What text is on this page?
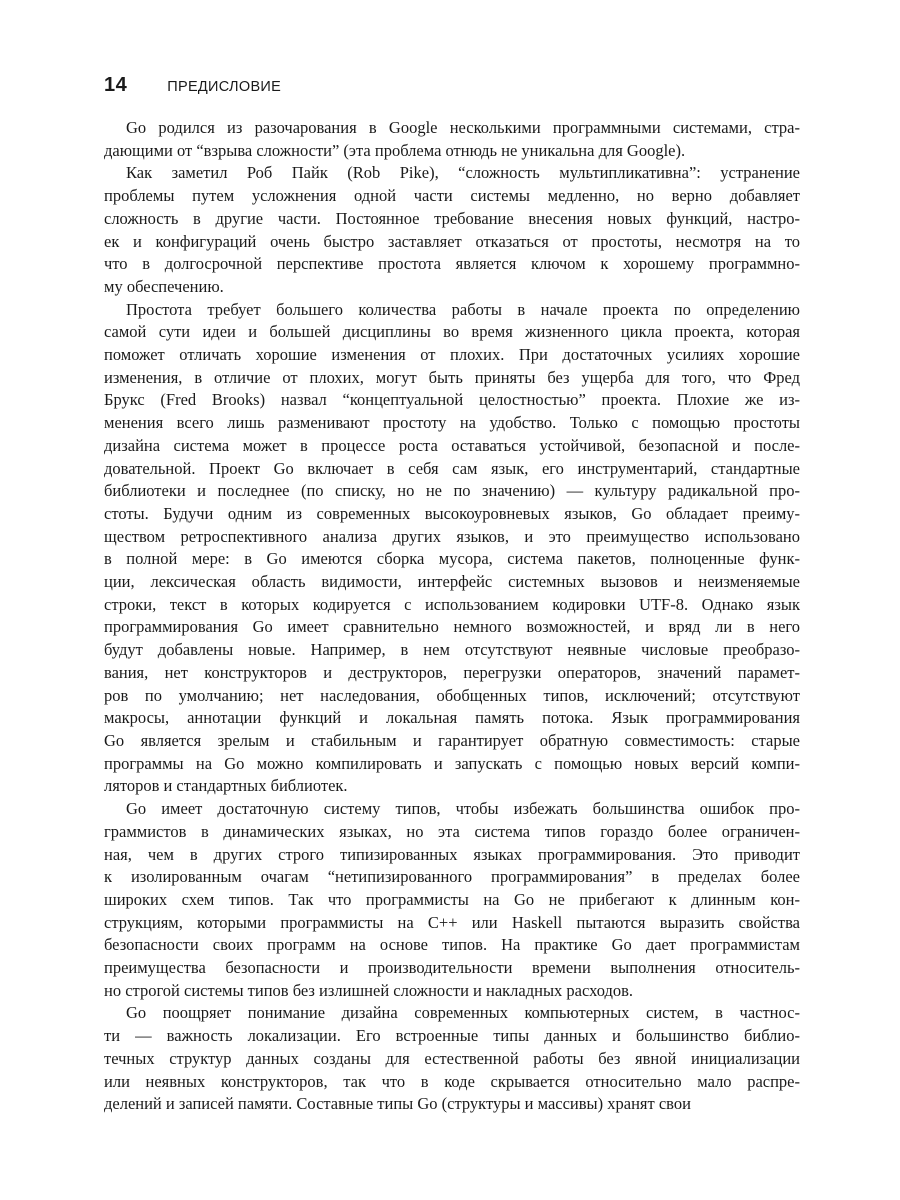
14	ПРЕДИСЛОВИЕ
Go родился из разочарования в Google несколькими программными системами, стра-
дающими от “взрыва сложности” (эта проблема отнюдь не уникальна для Google).
Как заметил Роб Пайк (Rob Pike), “сложность мультипликативна”: устранение
проблемы путем усложнения одной части системы медленно, но верно добавляет
сложность в другие части. Постоянное требование внесения новых функций, настро-
ек и конфигураций очень быстро заставляет отказаться от простоты, несмотря на то
что в долгосрочной перспективе простота является ключом к хорошему программно-
му обеспечению.
Простота требует большего количества работы в начале проекта по определению
самой сути идеи и большей дисциплины во время жизненного цикла проекта, которая
поможет отличать хорошие изменения от плохих. При достаточных усилиях хорошие
изменения, в отличие от плохих, могут быть приняты без ущерба для того, что Фред
Брукс (Fred Brooks) назвал “концептуальной целостностью” проекта. Плохие же из-
менения всего лишь разменивают простоту на удобство. Только с помощью простоты
дизайна система может в процессе роста оставаться устойчивой, безопасной и после-
довательной. Проект Go включает в себя сам язык, его инструментарий, стандартные
библиотеки и последнее (по списку, но не по значению) — культуру радикальной про-
стоты. Будучи одним из современных высокоуровневых языков, Go обладает преиму-
ществом ретроспективного анализа других языков, и это преимущество использовано
в полной мере: в Go имеются сборка мусора, система пакетов, полноценные функ-
ции, лексическая область видимости, интерфейс системных вызовов и неизменяемые
строки, текст в которых кодируется с использованием кодировки UTF-8. Однако язык
программирования Go имеет сравнительно немного возможностей, и вряд ли в него
будут добавлены новые. Например, в нем отсутствуют неявные числовые преобразо-
вания, нет конструкторов и деструкторов, перегрузки операторов, значений парамет-
ров по умолчанию; нет наследования, обобщенных типов, исключений; отсутствуют
макросы, аннотации функций и локальная память потока. Язык программирования
Go является зрелым и стабильным и гарантирует обратную совместимость: старые
программы на Go можно компилировать и запускать с помощью новых версий компи-
ляторов и стандартных библиотек.
Go имеет достаточную систему типов, чтобы избежать большинства ошибок про-
граммистов в динамических языках, но эта система типов гораздо более ограничен-
ная, чем в других строго типизированных языках программирования. Это приводит
к изолированным очагам “нетипизированного программирования” в пределах более
широких схем типов. Так что программисты на Go не прибегают к длинным кон-
струкциям, которыми программисты на C++ или Haskell пытаются выразить свойства
безопасности своих программ на основе типов. На практике Go дает программистам
преимущества безопасности и производительности времени выполнения относитель-
но строгой системы типов без излишней сложности и накладных расходов.
Go поощряет понимание дизайна современных компьютерных систем, в частнос-
ти — важность локализации. Его встроенные типы данных и большинство библио-
течных структур данных созданы для естественной работы без явной инициализации
или неявных конструкторов, так что в коде скрывается относительно мало распре-
делений и записей памяти. Составные типы Go (структуры и массивы) хранят свои
